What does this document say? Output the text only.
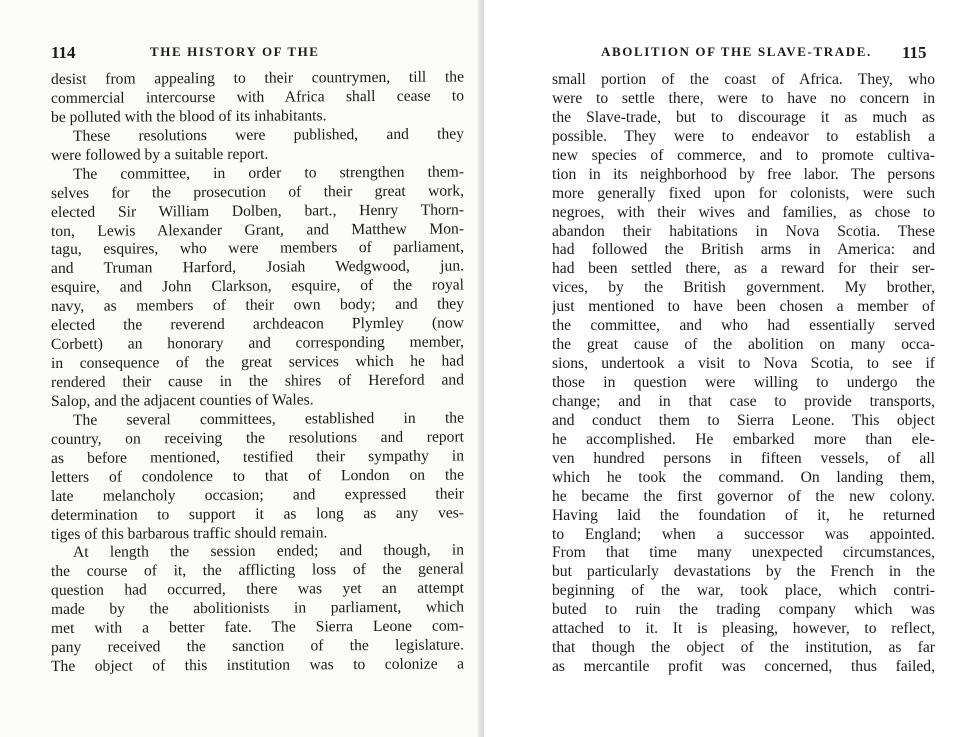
114	THE HISTORY OF THE
desist from appealing to their countrymen, till the
commercial intercourse with Africa shall cease to
be polluted with the blood of its inhabitants.
These resolutions were published, and they
were followed by a suitable report.
The committee, in order to strengthen them-
selves for the prosecution of their great work,
elected Sir William Dolben, bart., Henry Thorn-
ton, Lewis Alexander Grant, and Matthew Mon-
tagu, esquires, who were members of parliament,
and Truman Harford, Josiah Wedgwood, jun.
esquire, and John Clarkson, esquire, of the royal
navy, as members of their own body; and they
elected the reverend archdeacon Plymley (now
Corbett) an honorary and corresponding member,
in consequence of the great services which he had
rendered their cause in the shires of Hereford and
Salop, and the adjacent counties of Wales.
The several committees, established in the
country, on receiving the resolutions and report
as before mentioned, testified their sympathy in
letters of condolence to that of London on the
late melancholy occasion; and expressed their
determination to support it as long as any ves-
tiges of this barbarous traffic should remain.
At length the session ended; and though, in
the course of it, the afflicting loss of the general
question had occurred, there was yet an attempt
made by the abolitionists in parliament, which
met with a better fate. The Sierra Leone com-
pany received the sanction of the legislature.
The object of this institution was to colonize a
ABOLITION OF THE SLAVE-TRADE. 115
small portion of the coast of Africa. They, who
were to settle there, were to have no concern in
the Slave-trade, but to discourage it as much as
possible. They were to endeavor to establish a
new species of commerce, and to promote cultiva-
tion in its neighborhood by free labor. The persons
more generally fixed upon for colonists, were such
negroes, with their wives and families, as chose to
abandon their habitations in Nova Scotia. These
had followed the British arms in America: and
had been settled there, as a reward for their ser-
vices, by the British government. My brother,
just mentioned to have been chosen a member of
the committee, and who had essentially served
the great cause of the abolition on many occa-
sions, undertook a visit to Nova Scotia, to see if
those in question were willing to undergo the
change; and in that case to provide transports,
and conduct them to Sierra Leone. This object
he accomplished. He embarked more than ele-
ven hundred persons in fifteen vessels, of all
which he took the command. On landing them,
he became the first governor of the new colony.
Having laid the foundation of it, he returned
to England; when a successor was appointed.
From that time many unexpected circumstances,
but particularly devastations by the French in the
beginning of the war, took place, which contri-
buted to ruin the trading company which was
attached to it. It is pleasing, however, to reflect,
that though the object of the institution, as far
as mercantile profit was concerned, thus failed,
